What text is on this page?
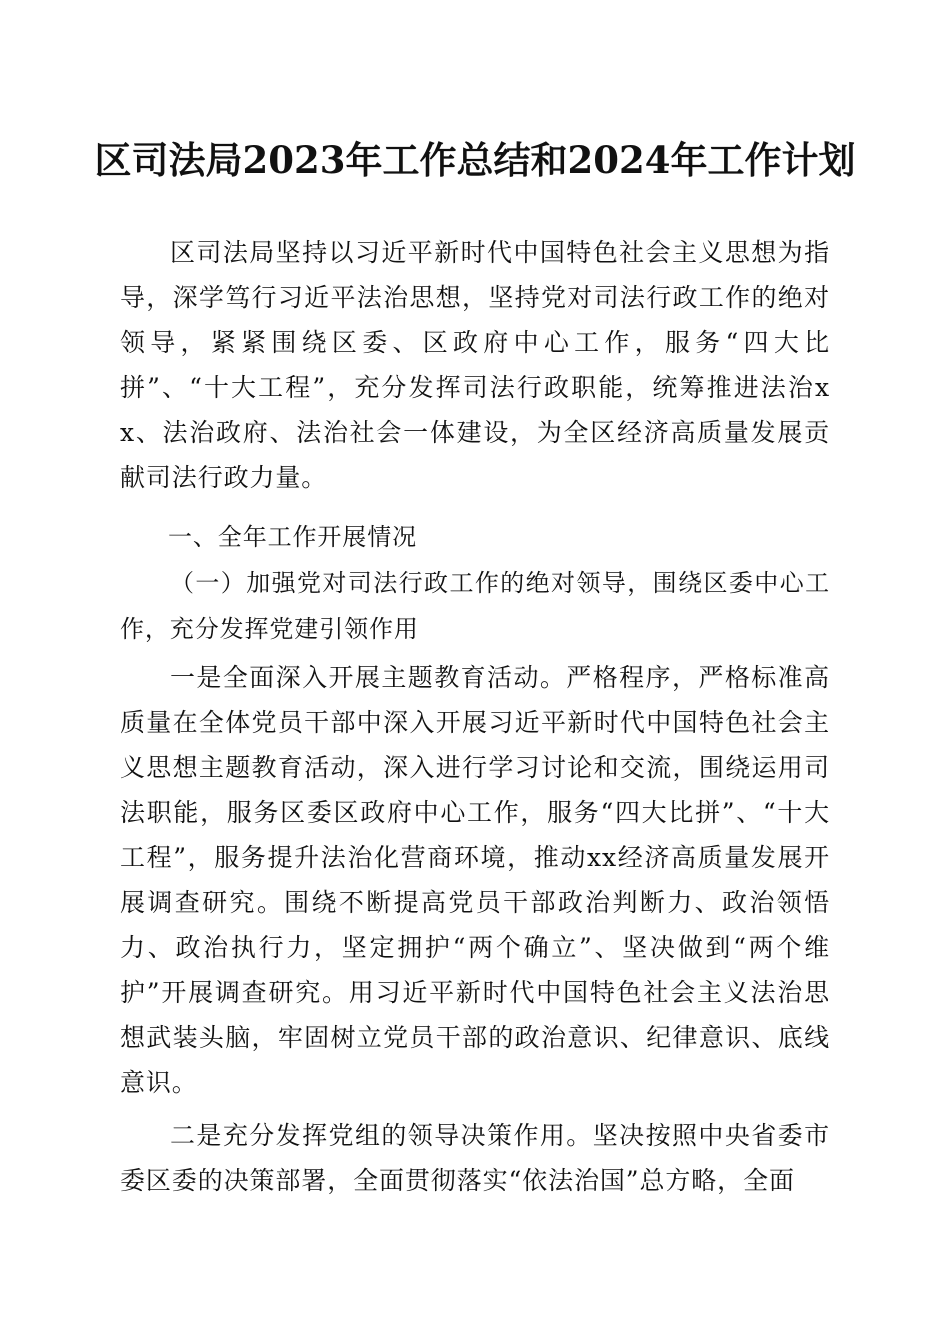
区司法局2023年工作总结和2024年工作计划

区司法局坚持以习近平新时代中国特色社会主义思想为指导，深学笃行习近平法治思想，坚持党对司法行政工作的绝对领导，紧紧围绕区委、区政府中心工作，服务“四大比拼”、“十大工程”，充分发挥司法行政职能，统筹推进法治xx、法治政府、法治社会一体建设，为全区经济高质量发展贡献司法行政力量。

一、全年工作开展情况

（一）加强党对司法行政工作的绝对领导，围绕区委中心工作，充分发挥党建引领作用

一是全面深入开展主题教育活动。严格程序，严格标准高质量在全体党员干部中深入开展习近平新时代中国特色社会主义思想主题教育活动，深入进行学习讨论和交流，围绕运用司法职能，服务区委区政府中心工作，服务“四大比拼”、“十大工程”，服务提升法治化营商环境，推动xx经济高质量发展开展调查研究。围绕不断提高党员干部政治判断力、政治领悟力、政治执行力，坚定拥护“两个确立”、坚决做到“两个维护”开展调查研究。用习近平新时代中国特色社会主义法治思想武装头脑，牢固树立党员干部的政治意识、纪律意识、底线意识。

二是充分发挥党组的领导决策作用。坚决按照中央省委市委区委的决策部署，全面贯彻落实“依法治国”总方略，全面
